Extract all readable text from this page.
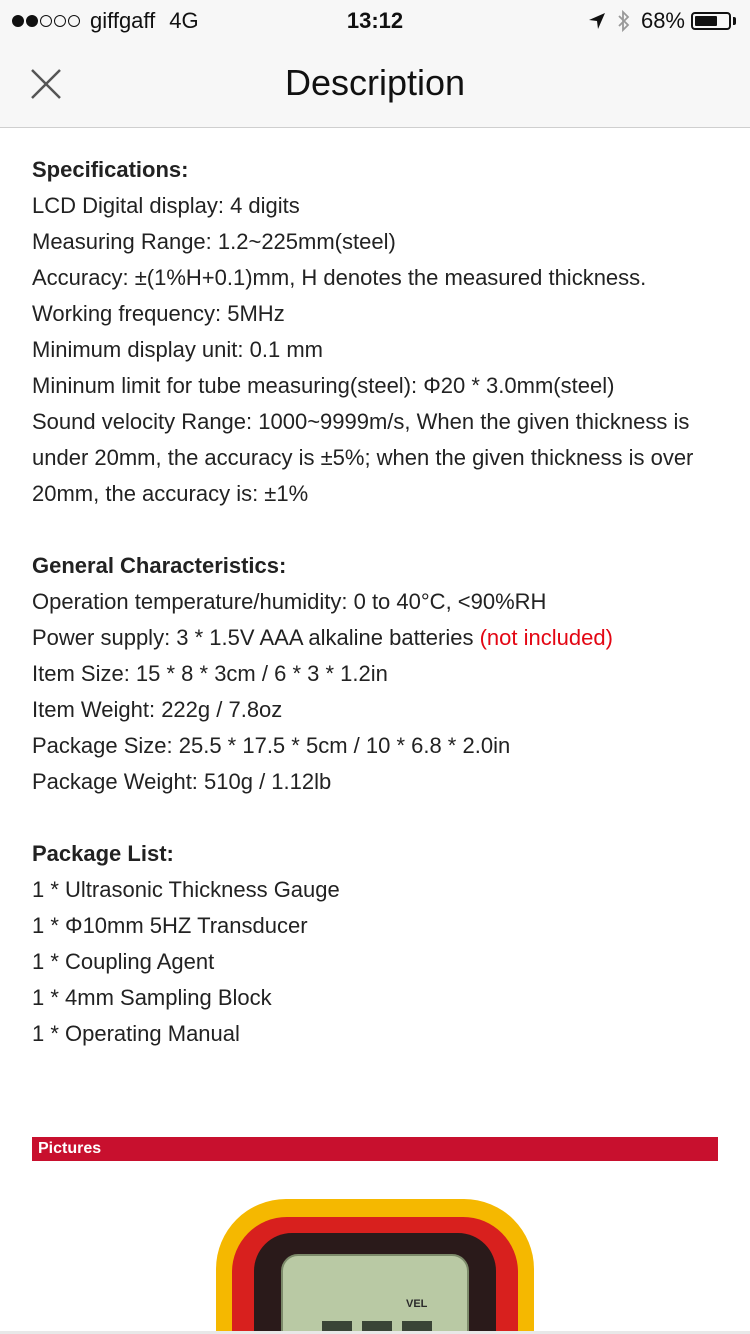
giffgaff 4G	13:12	68%
Description
Specifications:
LCD Digital display: 4 digits
Measuring Range: 1.2~225mm(steel)
Accuracy: ±(1%H+0.1)mm, H denotes the measured thickness.
Working frequency: 5MHz
Minimum display unit: 0.1 mm
Mininum limit for tube measuring(steel): Φ20 * 3.0mm(steel)
Sound velocity Range: 1000~9999m/s, When the given thickness is under 20mm, the accuracy is ±5%; when the given thickness is over 20mm, the accuracy is: ±1%
General Characteristics:
Operation temperature/humidity: 0 to 40°C, <90%RH
Power supply: 3 * 1.5V AAA alkaline batteries (not included)
Item Size: 15 * 8 * 3cm / 6 * 3 * 1.2in
Item Weight: 222g / 7.8oz
Package Size: 25.5 * 17.5 * 5cm / 10 * 6.8 * 2.0in
Package Weight: 510g / 1.12lb
Package List:
1 * Ultrasonic Thickness Gauge
1 * Φ10mm 5HZ Transducer
1 * Coupling Agent
1 * 4mm Sampling Block
1 * Operating Manual
Pictures
VEL
